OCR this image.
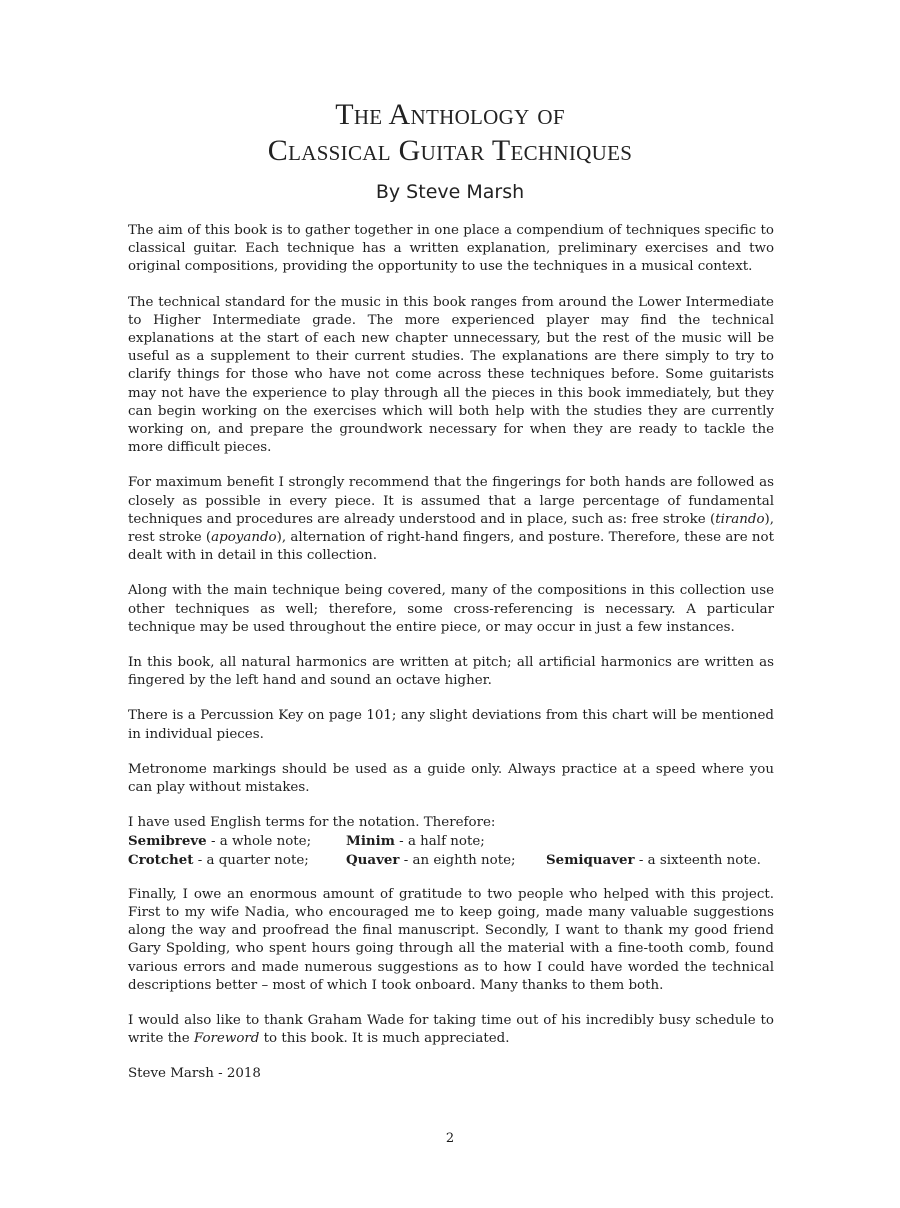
The Anthology of
Classical Guitar Techniques
By Steve Marsh

The aim of this book is to gather together in one place a compendium of techniques specific to classical guitar. Each technique has a written explanation, preliminary exercises and two original compositions, providing the opportunity to use the techniques in a musical context.

The technical standard for the music in this book ranges from around the Lower Intermediate to Higher Intermediate grade. The more experienced player may find the technical explanations at the start of each new chapter unnecessary, but the rest of the music will be useful as a supplement to their current studies. The explanations are there simply to try to clarify things for those who have not come across these techniques before. Some guitarists may not have the experience to play through all the pieces in this book immediately, but they can begin working on the exercises which will both help with the studies they are currently working on, and prepare the groundwork necessary for when they are ready to tackle the more difficult pieces.

For maximum benefit I strongly recommend that the fingerings for both hands are followed as closely as possible in every piece. It is assumed that a large percentage of fundamental techniques and procedures are already understood and in place, such as: free stroke (tirando), rest stroke (apoyando), alternation of right-hand fingers, and posture. Therefore, these are not dealt with in detail in this collection.

Along with the main technique being covered, many of the compositions in this collection use other techniques as well; therefore, some cross-referencing is necessary. A particular technique may be used throughout the entire piece, or may occur in just a few instances.

In this book, all natural harmonics are written at pitch; all artificial harmonics are written as fingered by the left hand and sound an octave higher.

There is a Percussion Key on page 101; any slight deviations from this chart will be mentioned in individual pieces.

Metronome markings should be used as a guide only. Always practice at a speed where you can play without mistakes.

I have used English terms for the notation. Therefore:

Semibreve - a whole note;	Minim - a half note;
Crotchet - a quarter note;	Quaver - an eighth note;	Semiquaver - a sixteenth note.

Finally, I owe an enormous amount of gratitude to two people who helped with this project. First to my wife Nadia, who encouraged me to keep going, made many valuable suggestions along the way and proofread the final manuscript. Secondly, I want to thank my good friend Gary Spolding, who spent hours going through all the material with a fine-tooth comb, found various errors and made numerous suggestions as to how I could have worded the technical descriptions better – most of which I took onboard. Many thanks to them both.

I would also like to thank Graham Wade for taking time out of his incredibly busy schedule to write the Foreword to this book. It is much appreciated.

Steve Marsh - 2018

2
